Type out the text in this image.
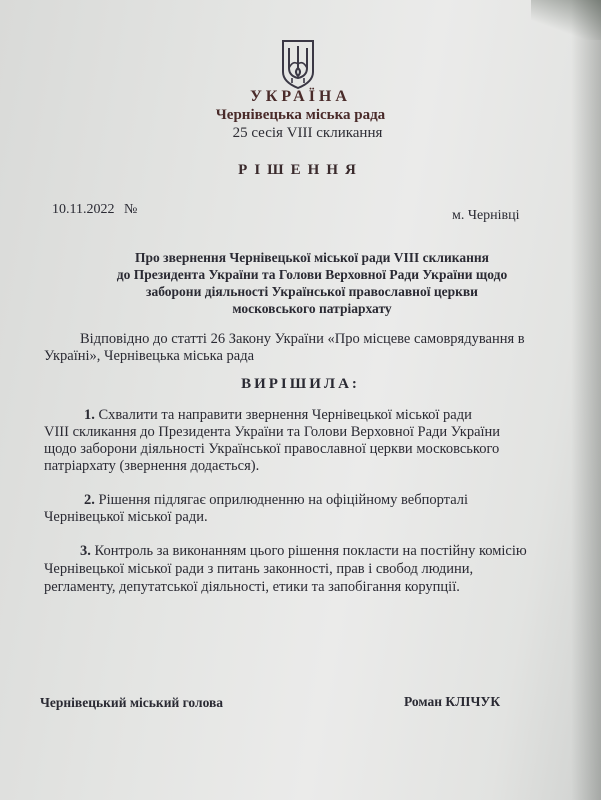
УКРАЇНА
Чернівецька міська рада
25 сесія VIII скликання
РІШЕННЯ
10.11.2022 №	м. Чернівці
Про звернення Чернівецької міської ради VIII скликання
до Президента України та Голови Верховної Ради України щодо
заборони діяльності Української православної церкви
московського патріархату
Відповідно до статті 26 Закону України «Про місцеве самоврядування в
Україні», Чернівецька міська рада
ВИРІШИЛА:
1. Схвалити та направити звернення Чернівецької міської ради
VIII скликання до Президента України та Голови Верховної Ради України
щодо заборони діяльності Української православної церкви московського
патріархату (звернення додається).
2. Рішення підлягає оприлюдненню на офіційному вебпорталі
Чернівецької міської ради.
3. Контроль за виконанням цього рішення покласти на постійну комісію
Чернівецької міської ради з питань законності, прав і свобод людини,
регламенту, депутатської діяльності, етики та запобігання корупції.
Чернівецький міський голова	Роман КЛІЧУК
